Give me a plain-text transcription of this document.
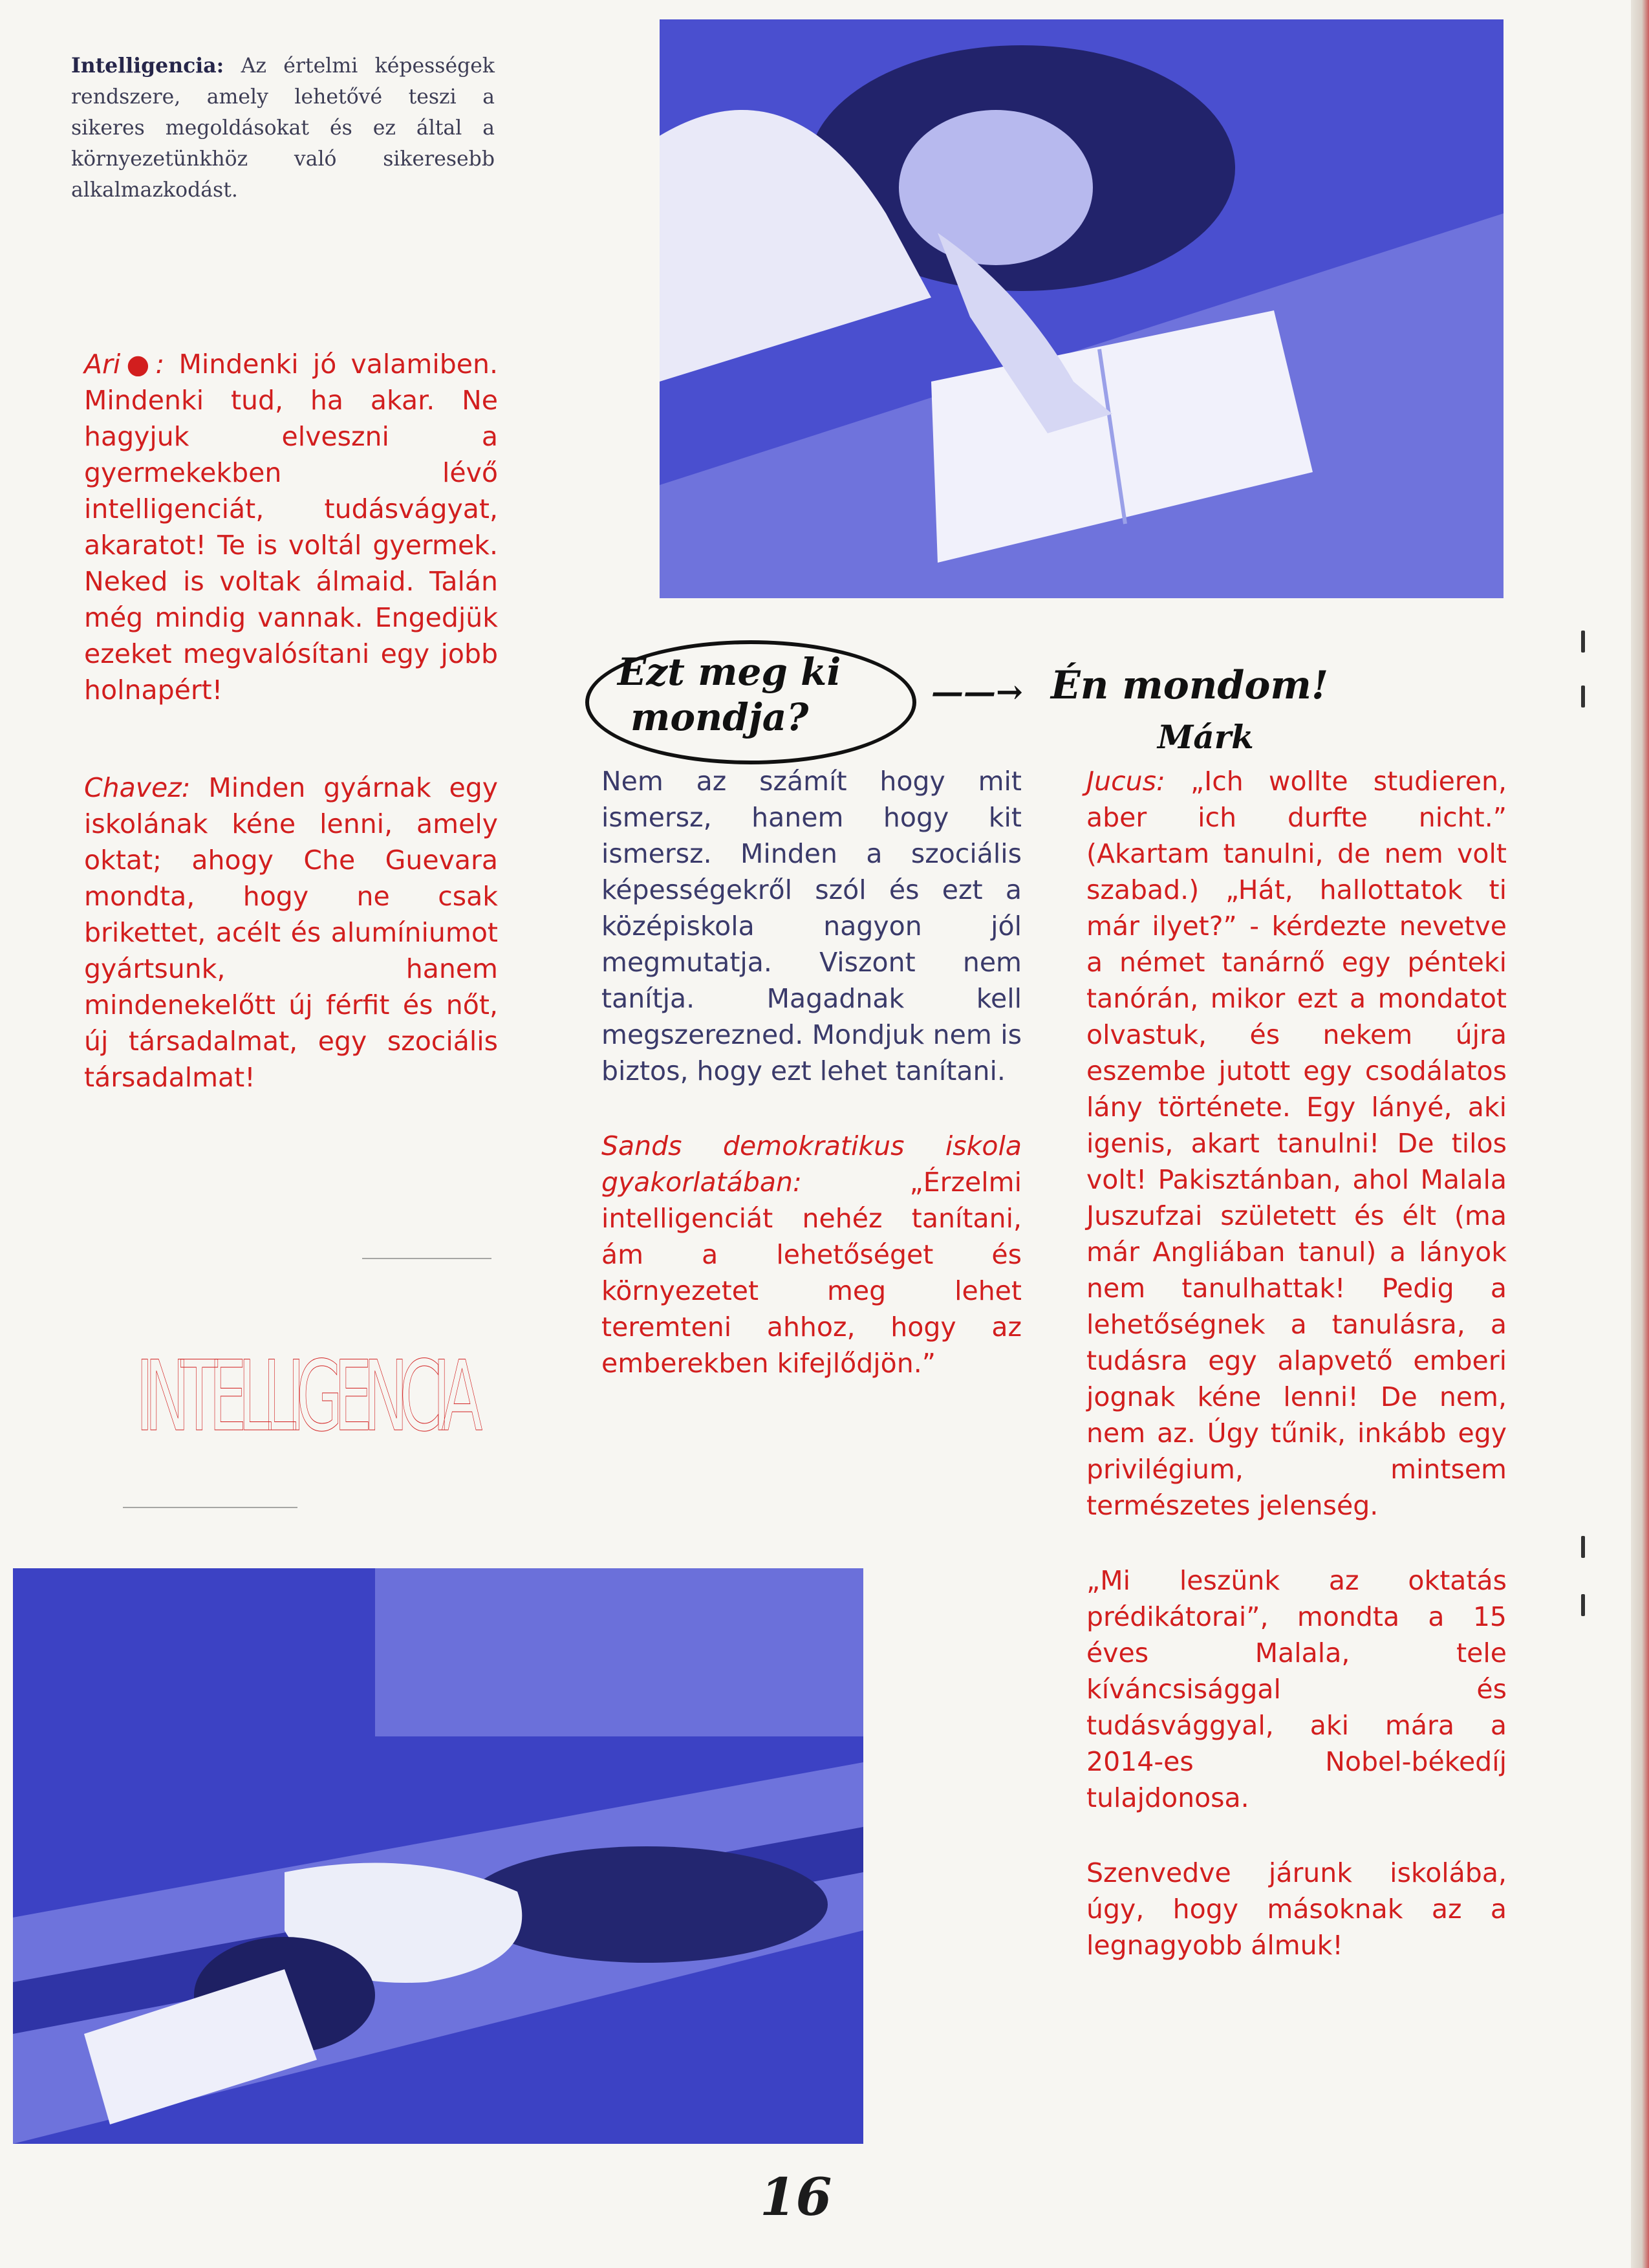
Intelligencia: Az értelmi képességek rendszere, amely lehetővé teszi a sikeres megoldásokat és ez által a környezetünkhöz való sikeresebb alkalmazkodást.

Ari●: Mindenki jó valamiben. Mindenki tud, ha akar. Ne hagyjuk elveszni a gyermekekben lévő intelligenciát, tudásvágyat, akaratot! Te is voltál gyermek. Neked is voltak álmaid. Talán még mindig vannak. Engedjük ezeket megvalósítani egy jobb holnapért!

Chavez: Minden gyárnak egy iskolának kéne lenni, amely oktat; ahogy Che Guevara mondta, hogy ne csak brikettet, acélt és alumíniumot gyártsunk, hanem mindenekelőtt új férfit és nőt, új társadalmat, egy szociális társadalmat!

INTELLIGENCIA
Ezt meg ki
mondja?
——→ Én mondom!
Márk

Nem az számít hogy mit ismersz, hanem hogy kit ismersz. Minden a szociális képességekről szól és ezt a középiskola nagyon jól megmutatja. Viszont nem tanítja. Magadnak kell megszerezned. Mondjuk nem is biztos, hogy ezt lehet tanítani.

Sands demokratikus iskola gyakorlatában:	„Érzelmi intelligenciát nehéz tanítani, ám a lehetőséget és környezetet meg lehet teremteni ahhoz, hogy az emberekben kifejlődjön.”

Jucus: „Ich wollte studieren, aber ich durfte nicht.” (Akartam tanulni, de nem volt szabad.) „Hát, hallottatok ti már ilyet?” - kérdezte nevetve a német tanárnő egy pénteki tanórán, mikor ezt a mondatot olvastuk, és nekem újra eszembe jutott egy csodálatos lány története. Egy lányé, aki igenis, akart tanulni! De tilos volt! Pakisztánban, ahol Malala Juszufzai született és élt (ma már Angliában tanul) a lányok nem tanulhattak! Pedig a lehetőségnek a tanulásra, a tudásra egy alapvető emberi jognak kéne lenni! De nem, nem az. Úgy tűnik, inkább egy privilégium, mintsem természetes jelenség.

„Mi leszünk az oktatás prédikátorai”, mondta a 15 éves Malala, tele kíváncsisággal és tudásvággyal, aki mára a 2014-es Nobel-békedíj tulajdonosa.

Szenvedve járunk iskolába, úgy, hogy másoknak az a legnagyobb álmuk!

16
